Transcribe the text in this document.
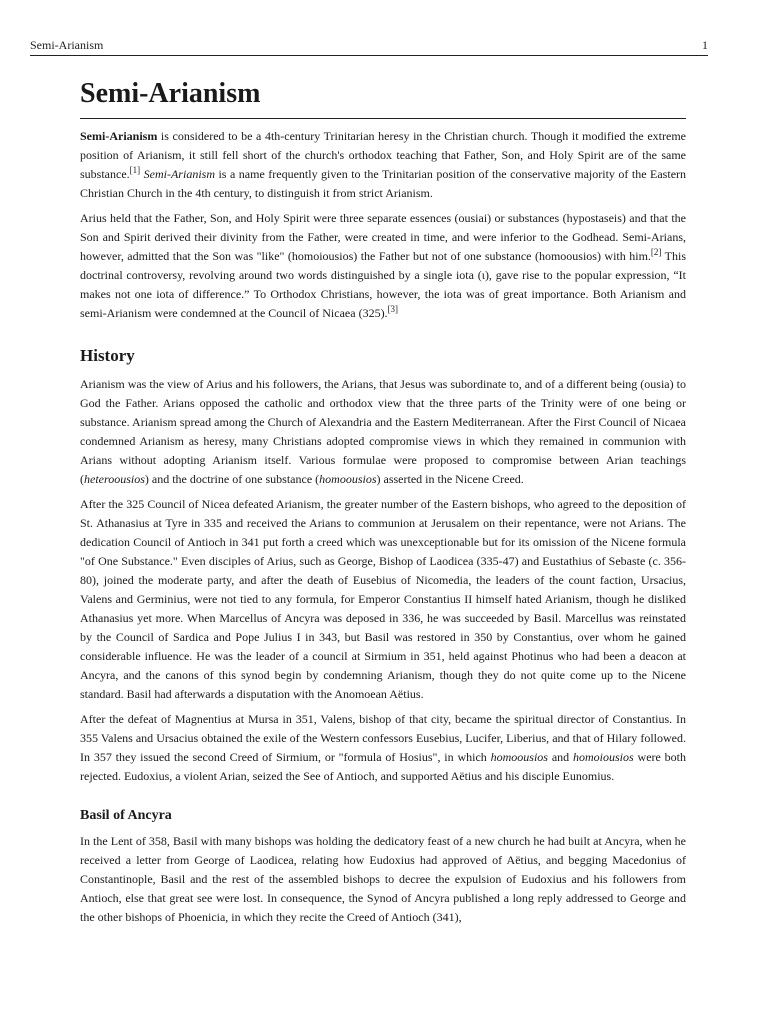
Semi-Arianism	1
Semi-Arianism

Semi-Arianism is considered to be a 4th-century Trinitarian heresy in the Christian church. Though it modified the extreme position of Arianism, it still fell short of the church's orthodox teaching that Father, Son, and Holy Spirit are of the same substance.[1] Semi-Arianism is a name frequently given to the Trinitarian position of the conservative majority of the Eastern Christian Church in the 4th century, to distinguish it from strict Arianism.

Arius held that the Father, Son, and Holy Spirit were three separate essences (ousiai) or substances (hypostaseis) and that the Son and Spirit derived their divinity from the Father, were created in time, and were inferior to the Godhead. Semi-Arians, however, admitted that the Son was "like" (homoiousios) the Father but not of one substance (homoousios) with him.[2] This doctrinal controversy, revolving around two words distinguished by a single iota (ι), gave rise to the popular expression, “It makes not one iota of difference.” To Orthodox Christians, however, the iota was of great importance. Both Arianism and semi-Arianism were condemned at the Council of Nicaea (325).[3]

History

Arianism was the view of Arius and his followers, the Arians, that Jesus was subordinate to, and of a different being (ousia) to God the Father. Arians opposed the catholic and orthodox view that the three parts of the Trinity were of one being or substance. Arianism spread among the Church of Alexandria and the Eastern Mediterranean. After the First Council of Nicaea condemned Arianism as heresy, many Christians adopted compromise views in which they remained in communion with Arians without adopting Arianism itself. Various formulae were proposed to compromise between Arian teachings (heteroousios) and the doctrine of one substance (homoousios) asserted in the Nicene Creed.

After the 325 Council of Nicea defeated Arianism, the greater number of the Eastern bishops, who agreed to the deposition of St. Athanasius at Tyre in 335 and received the Arians to communion at Jerusalem on their repentance, were not Arians. The dedication Council of Antioch in 341 put forth a creed which was unexceptionable but for its omission of the Nicene formula "of One Substance." Even disciples of Arius, such as George, Bishop of Laodicea (335-47) and Eustathius of Sebaste (c. 356-80), joined the moderate party, and after the death of Eusebius of Nicomedia, the leaders of the count faction, Ursacius, Valens and Germinius, were not tied to any formula, for Emperor Constantius II himself hated Arianism, though he disliked Athanasius yet more. When Marcellus of Ancyra was deposed in 336, he was succeeded by Basil. Marcellus was reinstated by the Council of Sardica and Pope Julius I in 343, but Basil was restored in 350 by Constantius, over whom he gained considerable influence. He was the leader of a council at Sirmium in 351, held against Photinus who had been a deacon at Ancyra, and the canons of this synod begin by condemning Arianism, though they do not quite come up to the Nicene standard. Basil had afterwards a disputation with the Anomoean Aëtius.

After the defeat of Magnentius at Mursa in 351, Valens, bishop of that city, became the spiritual director of Constantius. In 355 Valens and Ursacius obtained the exile of the Western confessors Eusebius, Lucifer, Liberius, and that of Hilary followed. In 357 they issued the second Creed of Sirmium, or "formula of Hosius", in which homoousios and homoiousios were both rejected. Eudoxius, a violent Arian, seized the See of Antioch, and supported Aëtius and his disciple Eunomius.

Basil of Ancyra

In the Lent of 358, Basil with many bishops was holding the dedicatory feast of a new church he had built at Ancyra, when he received a letter from George of Laodicea, relating how Eudoxius had approved of Aëtius, and begging Macedonius of Constantinople, Basil and the rest of the assembled bishops to decree the expulsion of Eudoxius and his followers from Antioch, else that great see were lost. In consequence, the Synod of Ancyra published a long reply addressed to George and the other bishops of Phoenicia, in which they recite the Creed of Antioch (341),
